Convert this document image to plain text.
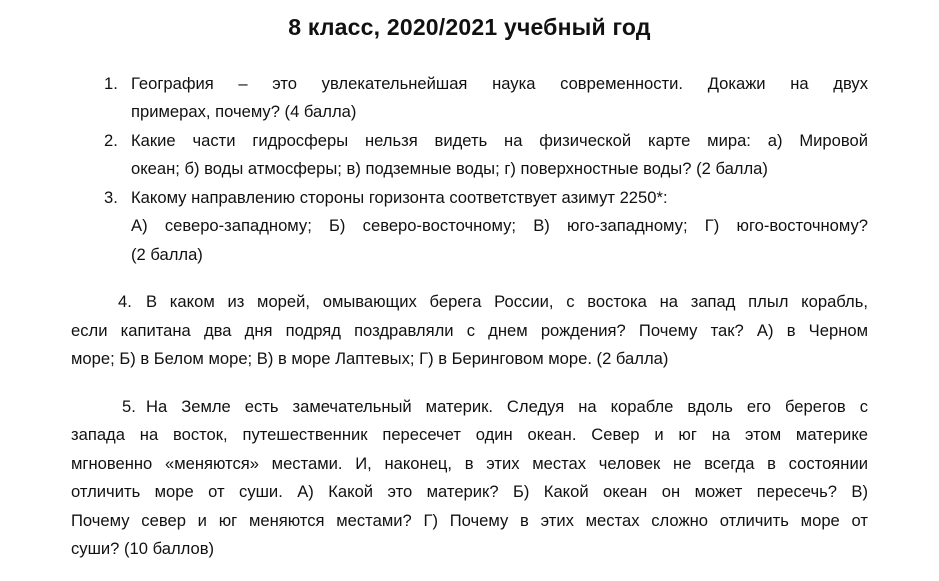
8 класс, 2020/2021 учебный год
1. География – это увлекательнейшая наука современности. Докажи на двух
примерах, почему? (4 балла)
2. Какие части гидросферы нельзя видеть на физической карте мира: а) Мировой
океан; б) воды атмосферы; в) подземные воды; г) поверхностные воды? (2 балла)
3. Какому направлению стороны горизонта соответствует азимут 2250*:
А) северо-западному; Б) северо-восточному; В) юго-западному; Г) юго-восточному?
(2 балла)
4. В каком из морей, омывающих берега России, с востока на запад плыл корабль,
если капитана два дня подряд поздравляли с днем рождения? Почему так? А) в Черном
море; Б) в Белом море; В) в море Лаптевых; Г) в Беринговом море. (2 балла)
5. На Земле есть замечательный материк. Следуя на корабле вдоль его берегов с
запада на восток, путешественник пересечет один океан. Север и юг на этом материке
мгновенно «меняются» местами. И, наконец, в этих местах человек не всегда в состоянии
отличить море от суши. А) Какой это материк? Б) Какой океан он может пересечь? В)
Почему север и юг меняются местами? Г) Почему в этих местах сложно отличить море от
суши? (10 баллов)
